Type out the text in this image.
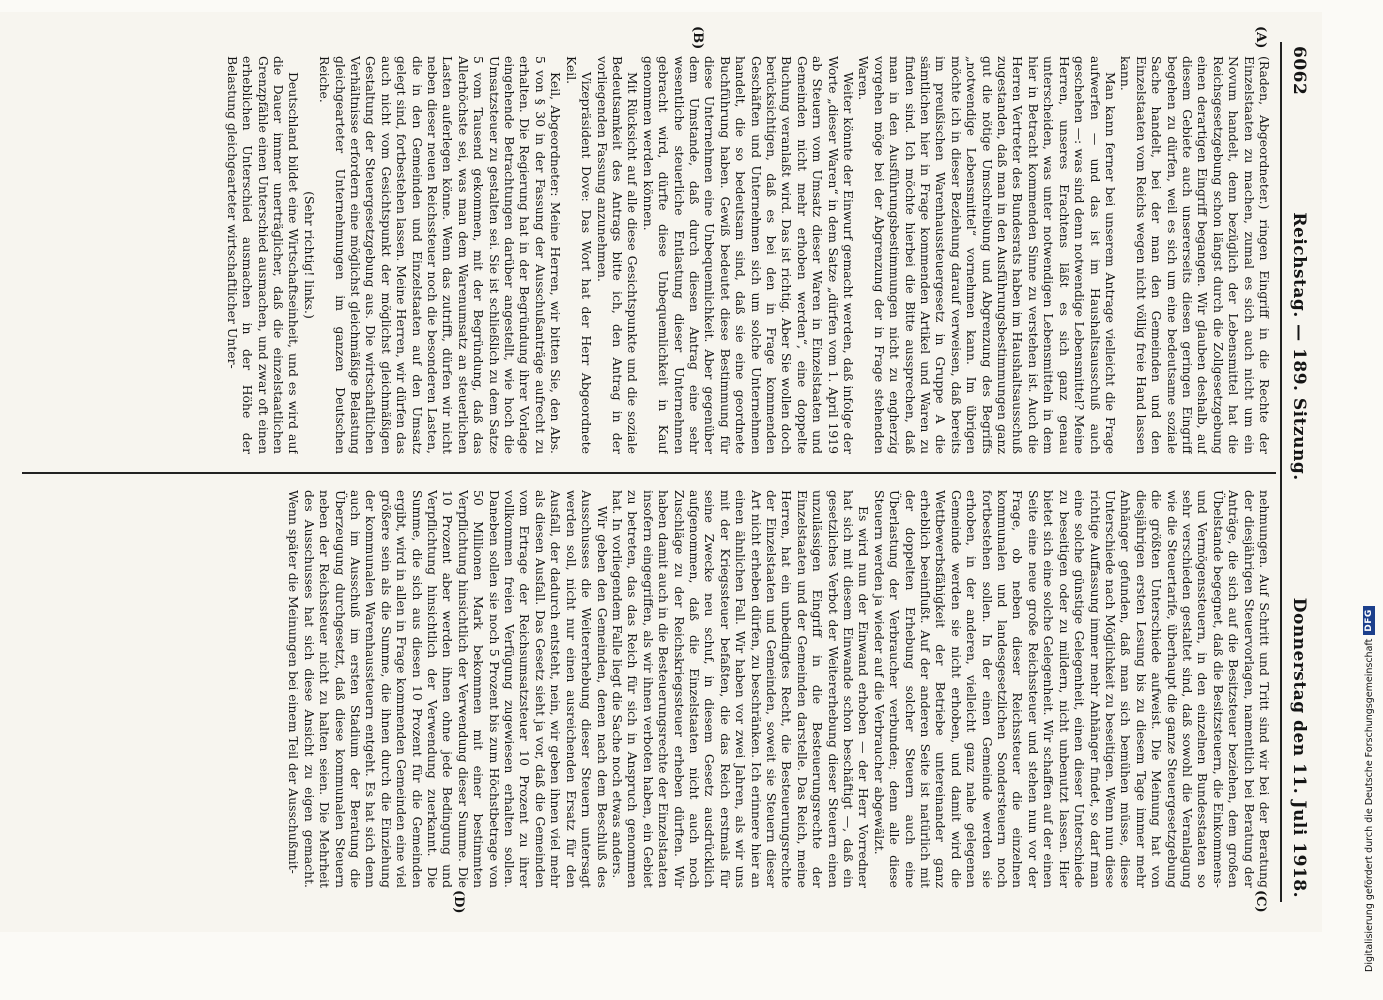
6062
Reichstag. — 189. Sitzung.
Donnerstag den 11. Juli 1918.
(A)
(B)
(C)
(D)

(Raden, Abgeordneter.) ringen Eingriff in die Rechte der Einzelstaaten zu machen, zumal es sich auch nicht um ein Novum handelt, denn bezüglich der Lebensmittel hat die Reichsgesetzgebung schon längst durch die Zollgesetzgebung einen derartigen Eingriff begangen. Wir glauben deshalb, auf diesem Gebiete auch unsererseits diesen geringen Eingriff begehen zu dürfen, weil es sich um eine bedeutsame soziale Sache handelt, bei der man den Gemeinden und den Einzelstaaten vom Reichs wegen nicht völlig freie Hand lassen kann.

Man kann ferner bei unserem Antrage vielleicht die Frage aufwerfen — und das ist im Haushaltsausschuß auch geschehen —: was sind denn notwendige Lebensmittel? Meine Herren, unseres Erachtens läßt es sich ganz genau unterscheiden, was unter notwendigen Lebensmitteln in dem hier in Betracht kommenden Sinne zu verstehen ist. Auch die Herren Vertreter des Bundesrats haben im Haushaltsausschuß zugestanden, daß man in den Ausführungsbestimmungen ganz gut die nötige Umschreibung und Abgrenzung des Begriffs „notwendige Lebensmittel“ vornehmen kann. Im übrigen möchte ich in dieser Beziehung darauf verweisen, daß bereits im preußischen Warenhaussteuergesetz in Gruppe A die sämtlichen hier in Frage kommenden Artikel und Waren zu finden sind. Ich möchte hierbei die Bitte aussprechen, daß man in den Ausführungsbestimmungen nicht zu engherzig vorgehen möge bei der Abgrenzung der in Frage stehenden Waren.

Weiter könnte der Einwurf gemacht werden, daß infolge der Worte „dieser Waren“ in dem Satze „dürfen vom 1. April 1919 ab Steuern vom Umsatz dieser Waren in Einzelstaaten und Gemeinden nicht mehr erhoben werden“, eine doppelte Buchung veranlaßt wird. Das ist richtig. Aber Sie wollen doch berücksichtigen, daß es bei den in Frage kommenden Geschäften und Unternehmen sich um solche Unternehmen handelt, die so bedeutsam sind, daß sie eine geordnete Buchführung haben. Gewiß bedeutet diese Bestimmung für diese Unternehmen eine Unbequemlichkeit. Aber gegenüber dem Umstande, daß durch diesen Antrag eine sehr wesentliche steuerliche Entlastung dieser Unternehmen gebracht wird, dürfte diese Unbequemlichkeit in Kauf genommen werden können.

Mit Rücksicht auf alle diese Gesichtspunkte und die soziale Bedeutsamkeit des Antrags bitte ich, den Antrag in der vorliegenden Fassung anzunehmen.

Vizepräsident Dove: Das Wort hat der Herr Abgeordnete Keil.

Keil, Abgeordneter: Meine Herren, wir bitten Sie, den Abs. 5 von § 30 in der Fassung der Ausschußanträge aufrecht zu erhalten. Die Regierung hat in der Begründung ihrer Vorlage eingehende Betrachtungen darüber angestellt, wie hoch die Umsatzsteuer zu gestalten sei. Sie ist schließlich zu dem Satze 5 vom Tausend gekommen, mit der Begründung, daß das Allerhöchste sei, was man dem Warenumsatz an steuerlichen Lasten auferlegen könne. Wenn das zutrifft, dürfen wir nicht neben dieser neuen Reichssteuer noch die besonderen Lasten, die in den Gemeinden und Einzelstaaten auf den Umsatz gelegt sind, fortbestehen lassen. Meine Herren, wir dürfen das auch nicht vom Gesichtspunkt der möglichst gleichmäßigen Gestaltung der Steuergesetzgebung aus. Die wirtschaftlichen Verhältnisse erfordern eine möglichst gleichmäßige Belastung gleichgearteter Unternehmungen im ganzen Deutschen Reiche.

(Sehr richtig! links.)

Deutschland bildet eine Wirtschaftseinheit, und es wird auf die Dauer immer unerträglicher, daß die einzelstaatlichen Grenzpfähle einen Unterschied ausmachen, und zwar oft einen erheblichen Unterschied ausmachen in der Höhe der Belastung gleichgearteter wirtschaftlicher Unter-

nehmungen. Auf Schritt und Tritt sind wir bei der Beratung der diesjährigen Steuervorlagen, namentlich bei Beratung der Anträge, die sich auf die Besitzsteuer beziehen, dem großen Übelstande begegnet, daß die Besitzsteuern, die Einkommens- und Vermögenssteuern, in den einzelnen Bundesstaaten so sehr verschieden gestaltet sind, daß sowohl die Veranlagung wie die Steuertarife, überhaupt die ganze Steuergesetzgebung die größten Unterschiede aufweist. Die Meinung hat von diesjährigen ersten Lesung bis zu diesem Tage immer mehr Anhänger gefunden, daß man sich bemühen müsse, diese Unterschiede nach Möglichkeit zu beseitigen. Wenn nun diese richtige Auffassung immer mehr Anhänger findet, so darf man eine solche günstige Gelegenheit, einen dieser Unterschiede zu beseitigen oder zu mildern, nicht unbenutzt lassen. Hier bietet sich eine solche Gelegenheit. Wir schaffen auf der einen Seite eine neue große Reichssteuer und stehen nun vor der Frage, ob neben dieser Reichssteuer die einzelnen kommunalen und landesgesetzlichen Sondersteuern noch fortbestehen sollen. In der einen Gemeinde werden sie erhoben, in der anderen, vielleicht ganz nahe gelegenen Gemeinde werden sie nicht erhoben, und damit wird die Wettbewerbsfähigkeit der Betriebe untereinander ganz erheblich beeinflußt. Auf der anderen Seite ist natürlich mit der doppelten Erhebung solcher Steuern auch eine Überlastung der Verbraucher verbunden; denn alle diese Steuern werden ja wieder auf die Verbraucher abgewälzt.

Es wird nun der Einwand erhoben — der Herr Vorredner hat sich mit diesem Einwande schon beschäftigt —, daß ein gesetzliches Verbot der Weitererhebung dieser Steuern einen unzulässigen Eingriff in die Besteuerungsrechte der Einzelstaaten und der Gemeinden darstelle. Das Reich, meine Herren, hat ein unbedingtes Recht, die Besteuerungsrechte der Einzelstaaten und Gemeinden, soweit sie Steuern dieser Art nicht erheben dürfen, zu beschränken. Ich erinnere hier an einen ähnlichen Fall. Wir haben vor zwei Jahren, als wir uns mit der Kriegssteuer befaßten, die das Reich erstmals für seine Zwecke neu schuf, in diesem Gesetz ausdrücklich aufgenommen, daß die Einzelstaaten nicht auch noch Zuschläge zu der Reichskriegssteuer erheben dürften. Wir haben damit auch in die Besteuerungsrechte der Einzelstaaten insofern eingegriffen, als wir ihnen verboten haben, ein Gebiet zu betreten, das das Reich für sich in Anspruch genommen hat. In vorliegendem Falle liegt die Sache noch etwas anders.

Wir geben den Gemeinden, denen nach dem Beschluß des Ausschusses die Weitererhebung dieser Steuern untersagt werden soll, nicht nur einen ausreichenden Ersatz für den Ausfall, der dadurch entsteht, nein, wir geben ihnen viel mehr als diesen Ausfall. Das Gesetz sieht ja vor, daß die Gemeinden vom Ertrage der Reichsumsatzsteuer 10 Prozent zu ihrer vollkommen freien Verfügung zugewiesen erhalten sollen. Daneben sollen sie noch 5 Prozent bis zum Höchstbetrage von 50 Millionen Mark bekommen mit einer bestimmten Verpflichtung hinsichtlich der Verwendung dieser Summe. Die 10 Prozent aber werden ihnen ohne jede Bedingung und Verpflichtung hinsichtlich der Verwendung zuerkannt. Die Summe, die sich aus diesen 10 Prozent für die Gemeinden ergibt, wird in allen in Frage kommenden Gemeinden eine viel größere sein als die Summe, die ihnen durch die Einziehung der kommunalen Warenhaussteuern entgeht. Es hat sich denn auch im Ausschuß im ersten Stadium der Beratung die Überzeugung durchgesetzt, daß diese kommunalen Steuern neben der Reichssteuer nicht zu halten seien. Die Mehrheit des Ausschusses hat sich diese Ansicht zu eigen gemacht. Wenn später die Meinungen bei einem Teil der Ausschußmit-	Digitalisierung gefördert durch die Deutsche Forschungsgemeinschaft
DFG
